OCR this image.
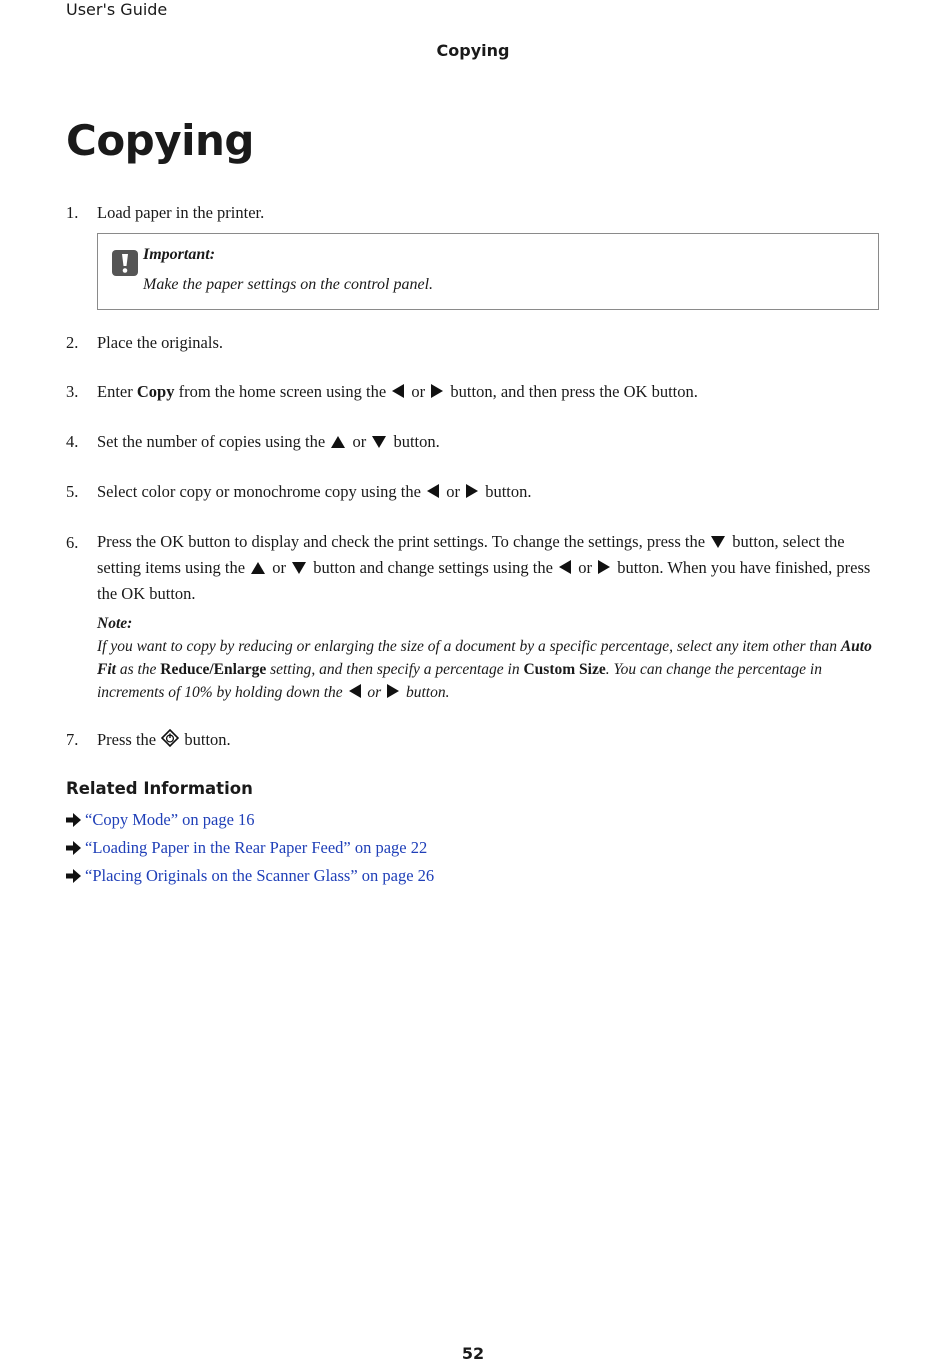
User's Guide
Copying
Copying
1.	Load paper in the printer.
Important:
Make the paper settings on the control panel.
2.	Place the originals.
3.	Enter Copy from the home screen using the  or  button, and then press the OK button.
4.	Set the number of copies using the  or  button.
5.	Select color copy or monochrome copy using the  or  button.
6.	Press the OK button to display and check the print settings. To change the settings, press the  button, select the setting items using the  or  button and change settings using the  or  button. When you have finished, press the OK button.
Note:
If you want to copy by reducing or enlarging the size of a document by a specific percentage, select any item other than Auto Fit as the Reduce/Enlarge setting, and then specify a percentage in Custom Size. You can change the percentage in increments of 10% by holding down the  or  button.
7.	Press the  button.
Related Information
“Copy Mode” on page 16
“Loading Paper in the Rear Paper Feed” on page 22
“Placing Originals on the Scanner Glass” on page 26
52
